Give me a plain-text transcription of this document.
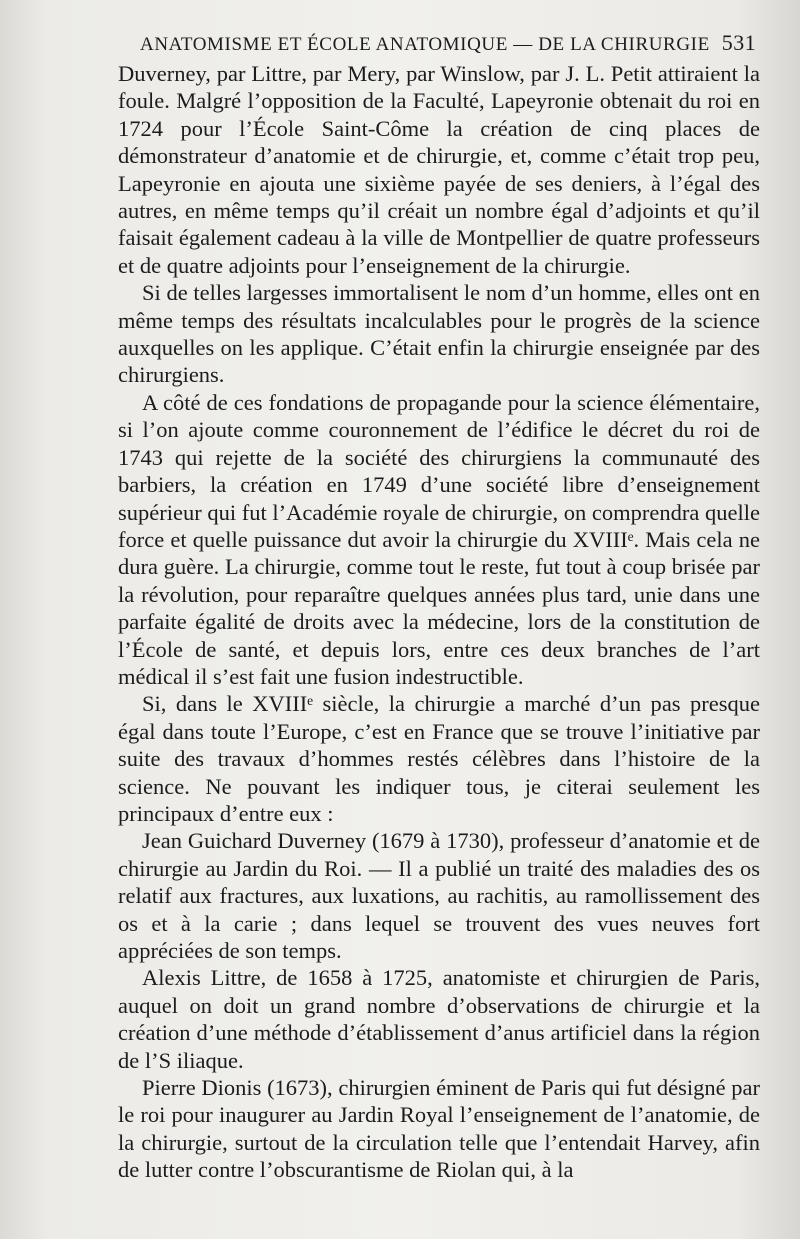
ANATOMISME ET ÉCOLE ANATOMIQUE — DE LA CHIRURGIE 531

Duverney, par Littre, par Mery, par Winslow, par J. L. Petit attiraient la foule. Malgré l’opposition de la Faculté, Lapeyronie obtenait du roi en 1724 pour l’École Saint-Côme la création de cinq places de démonstrateur d’anatomie et de chirurgie, et, comme c’était trop peu, Lapeyronie en ajouta une sixième payée de ses deniers, à l’égal des autres, en même temps qu’il créait un nombre égal d’adjoints et qu’il faisait également cadeau à la ville de Montpellier de quatre professeurs et de quatre adjoints pour l’enseignement de la chirurgie.

Si de telles largesses immortalisent le nom d’un homme, elles ont en même temps des résultats incalculables pour le progrès de la science auxquelles on les applique. C’était enfin la chirurgie enseignée par des chirurgiens.

A côté de ces fondations de propagande pour la science élémentaire, si l’on ajoute comme couronnement de l’édifice le décret du roi de 1743 qui rejette de la société des chirurgiens la communauté des barbiers, la création en 1749 d’une société libre d’enseignement supérieur qui fut l’Académie royale de chirurgie, on comprendra quelle force et quelle puissance dut avoir la chirurgie du XVIIIᵉ. Mais cela ne dura guère. La chirurgie, comme tout le reste, fut tout à coup brisée par la révolution, pour reparaître quelques années plus tard, unie dans une parfaite égalité de droits avec la médecine, lors de la constitution de l’École de santé, et depuis lors, entre ces deux branches de l’art médical il s’est fait une fusion indestructible.

Si, dans le XVIIIᵉ siècle, la chirurgie a marché d’un pas presque égal dans toute l’Europe, c’est en France que se trouve l’initiative par suite des travaux d’hommes restés célèbres dans l’histoire de la science. Ne pouvant les indiquer tous, je citerai seulement les principaux d’entre eux :

Jean Guichard Duverney (1679 à 1730), professeur d’anatomie et de chirurgie au Jardin du Roi. — Il a publié un traité des maladies des os relatif aux fractures, aux luxations, au rachitis, au ramollissement des os et à la carie ; dans lequel se trouvent des vues neuves fort appréciées de son temps.

Alexis Littre, de 1658 à 1725, anatomiste et chirurgien de Paris, auquel on doit un grand nombre d’observations de chirurgie et la création d’une méthode d’établissement d’anus artificiel dans la région de l’S iliaque.

Pierre Dionis (1673), chirurgien éminent de Paris qui fut désigné par le roi pour inaugurer au Jardin Royal l’enseignement de l’anatomie, de la chirurgie, surtout de la circulation telle que l’entendait Harvey, afin de lutter contre l’obscurantisme de Riolan qui, à la
